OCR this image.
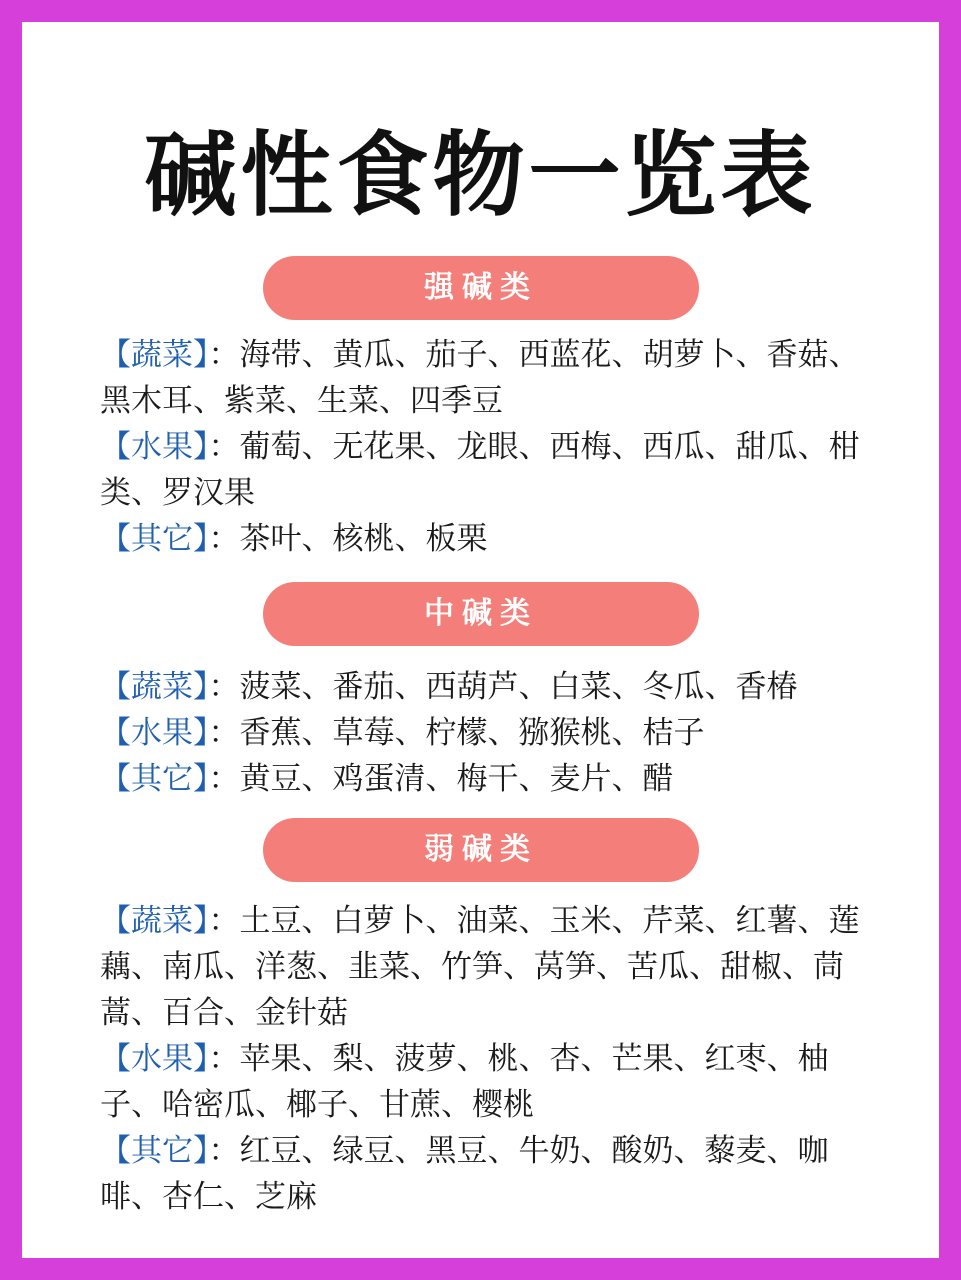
碱性食物一览表
强碱类
【蔬菜】：海带、黄瓜、茄子、西蓝花、胡萝卜、香菇、黑木耳、紫菜、生菜、四季豆
【水果】：葡萄、无花果、龙眼、西梅、西瓜、甜瓜、柑类、罗汉果
【其它】：茶叶、核桃、板栗
中碱类
【蔬菜】：菠菜、番茄、西葫芦、白菜、冬瓜、香椿
【水果】：香蕉、草莓、柠檬、猕猴桃、桔子
【其它】：黄豆、鸡蛋清、梅干、麦片、醋
弱碱类
【蔬菜】：土豆、白萝卜、油菜、玉米、芹菜、红薯、莲藕、南瓜、洋葱、韭菜、竹笋、莴笋、苦瓜、甜椒、茼蒿、百合、金针菇
【水果】：苹果、梨、菠萝、桃、杏、芒果、红枣、柚子、哈密瓜、椰子、甘蔗、樱桃
【其它】：红豆、绿豆、黑豆、牛奶、酸奶、藜麦、咖啡、杏仁、芝麻
